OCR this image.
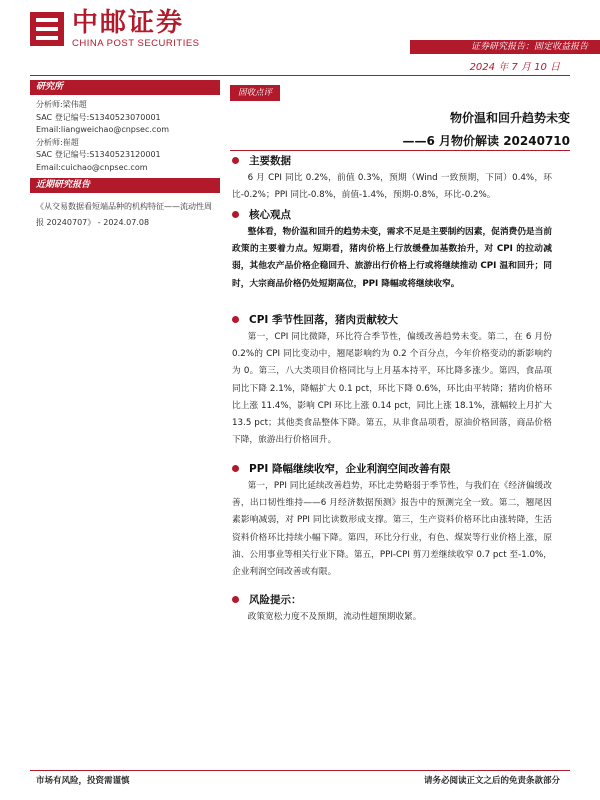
中邮证券
CHINA POST SECURITIES	证券研究报告：固定收益报告
2024 年 7 月 10 日
研究所
分析师:梁伟超
SAC 登记编号:S1340523070001
Email:liangweichao@cnpsec.com
分析师:崔超
SAC 登记编号:S1340523120001
Email:cuichao@cnpsec.com
近期研究报告
《从交易数据看短端品种的机构特征——流动性周报 20240707》 - 2024.07.08
固收点评
物价温和回升趋势未变
——6 月物价解读 20240710
主要数据
6 月 CPI 同比 0.2%，前值 0.3%，预期（Wind 一致预期，下同）0.4%，环比-0.2%；PPI 同比-0.8%，前值-1.4%，预期-0.8%，环比-0.2%。
核心观点
整体看，物价温和回升的趋势未变，需求不足是主要制约因素，促消费仍是当前政策的主要着力点。短期看，猪肉价格上行放缓叠加基数抬升，对 CPI 的拉动减弱，其他农产品价格企稳回升、旅游出行价格上行或将继续推动 CPI 温和回升；同时，大宗商品价格仍处短期高位，PPI 降幅或将继续收窄。
CPI 季节性回落，猪肉贡献较大
第一，CPI 同比微降，环比符合季节性，偏缓改善趋势未变。第二，在 6 月份 0.2%的 CPI 同比变动中，翘尾影响约为 0.2 个百分点，今年价格变动的新影响约为 0。第三，八大类项目价格同比与上月基本持平，环比降多涨少。第四，食品项同比下降 2.1%，降幅扩大 0.1 pct，环比下降 0.6%，环比由平转降；猪肉价格环比上涨 11.4%，影响 CPI 环比上涨 0.14 pct，同比上涨 18.1%，涨幅较上月扩大 13.5 pct；其他类食品整体下降。第五，从非食品项看，原油价格回落，商品价格下降，旅游出行价格回升。
PPI 降幅继续收窄，企业利润空间改善有限
第一，PPI 同比延续改善趋势，环比走势略弱于季节性，与我们在《经济偏缓改善，出口韧性维持——6 月经济数据预测》报告中的预测完全一致。第二，翘尾因素影响减弱，对 PPI 同比读数形成支撑。第三，生产资料价格环比由涨转降，生活资料价格环比持续小幅下降。第四，环比分行业，有色、煤炭等行业价格上涨，原油、公用事业等相关行业下降。第五，PPI-CPI 剪刀差继续收窄 0.7 pct 至-1.0%，企业利润空间改善或有限。
风险提示：
政策宽松力度不及预期，流动性超预期收紧。
市场有风险，投资需谨慎	请务必阅读正文之后的免责条款部分
